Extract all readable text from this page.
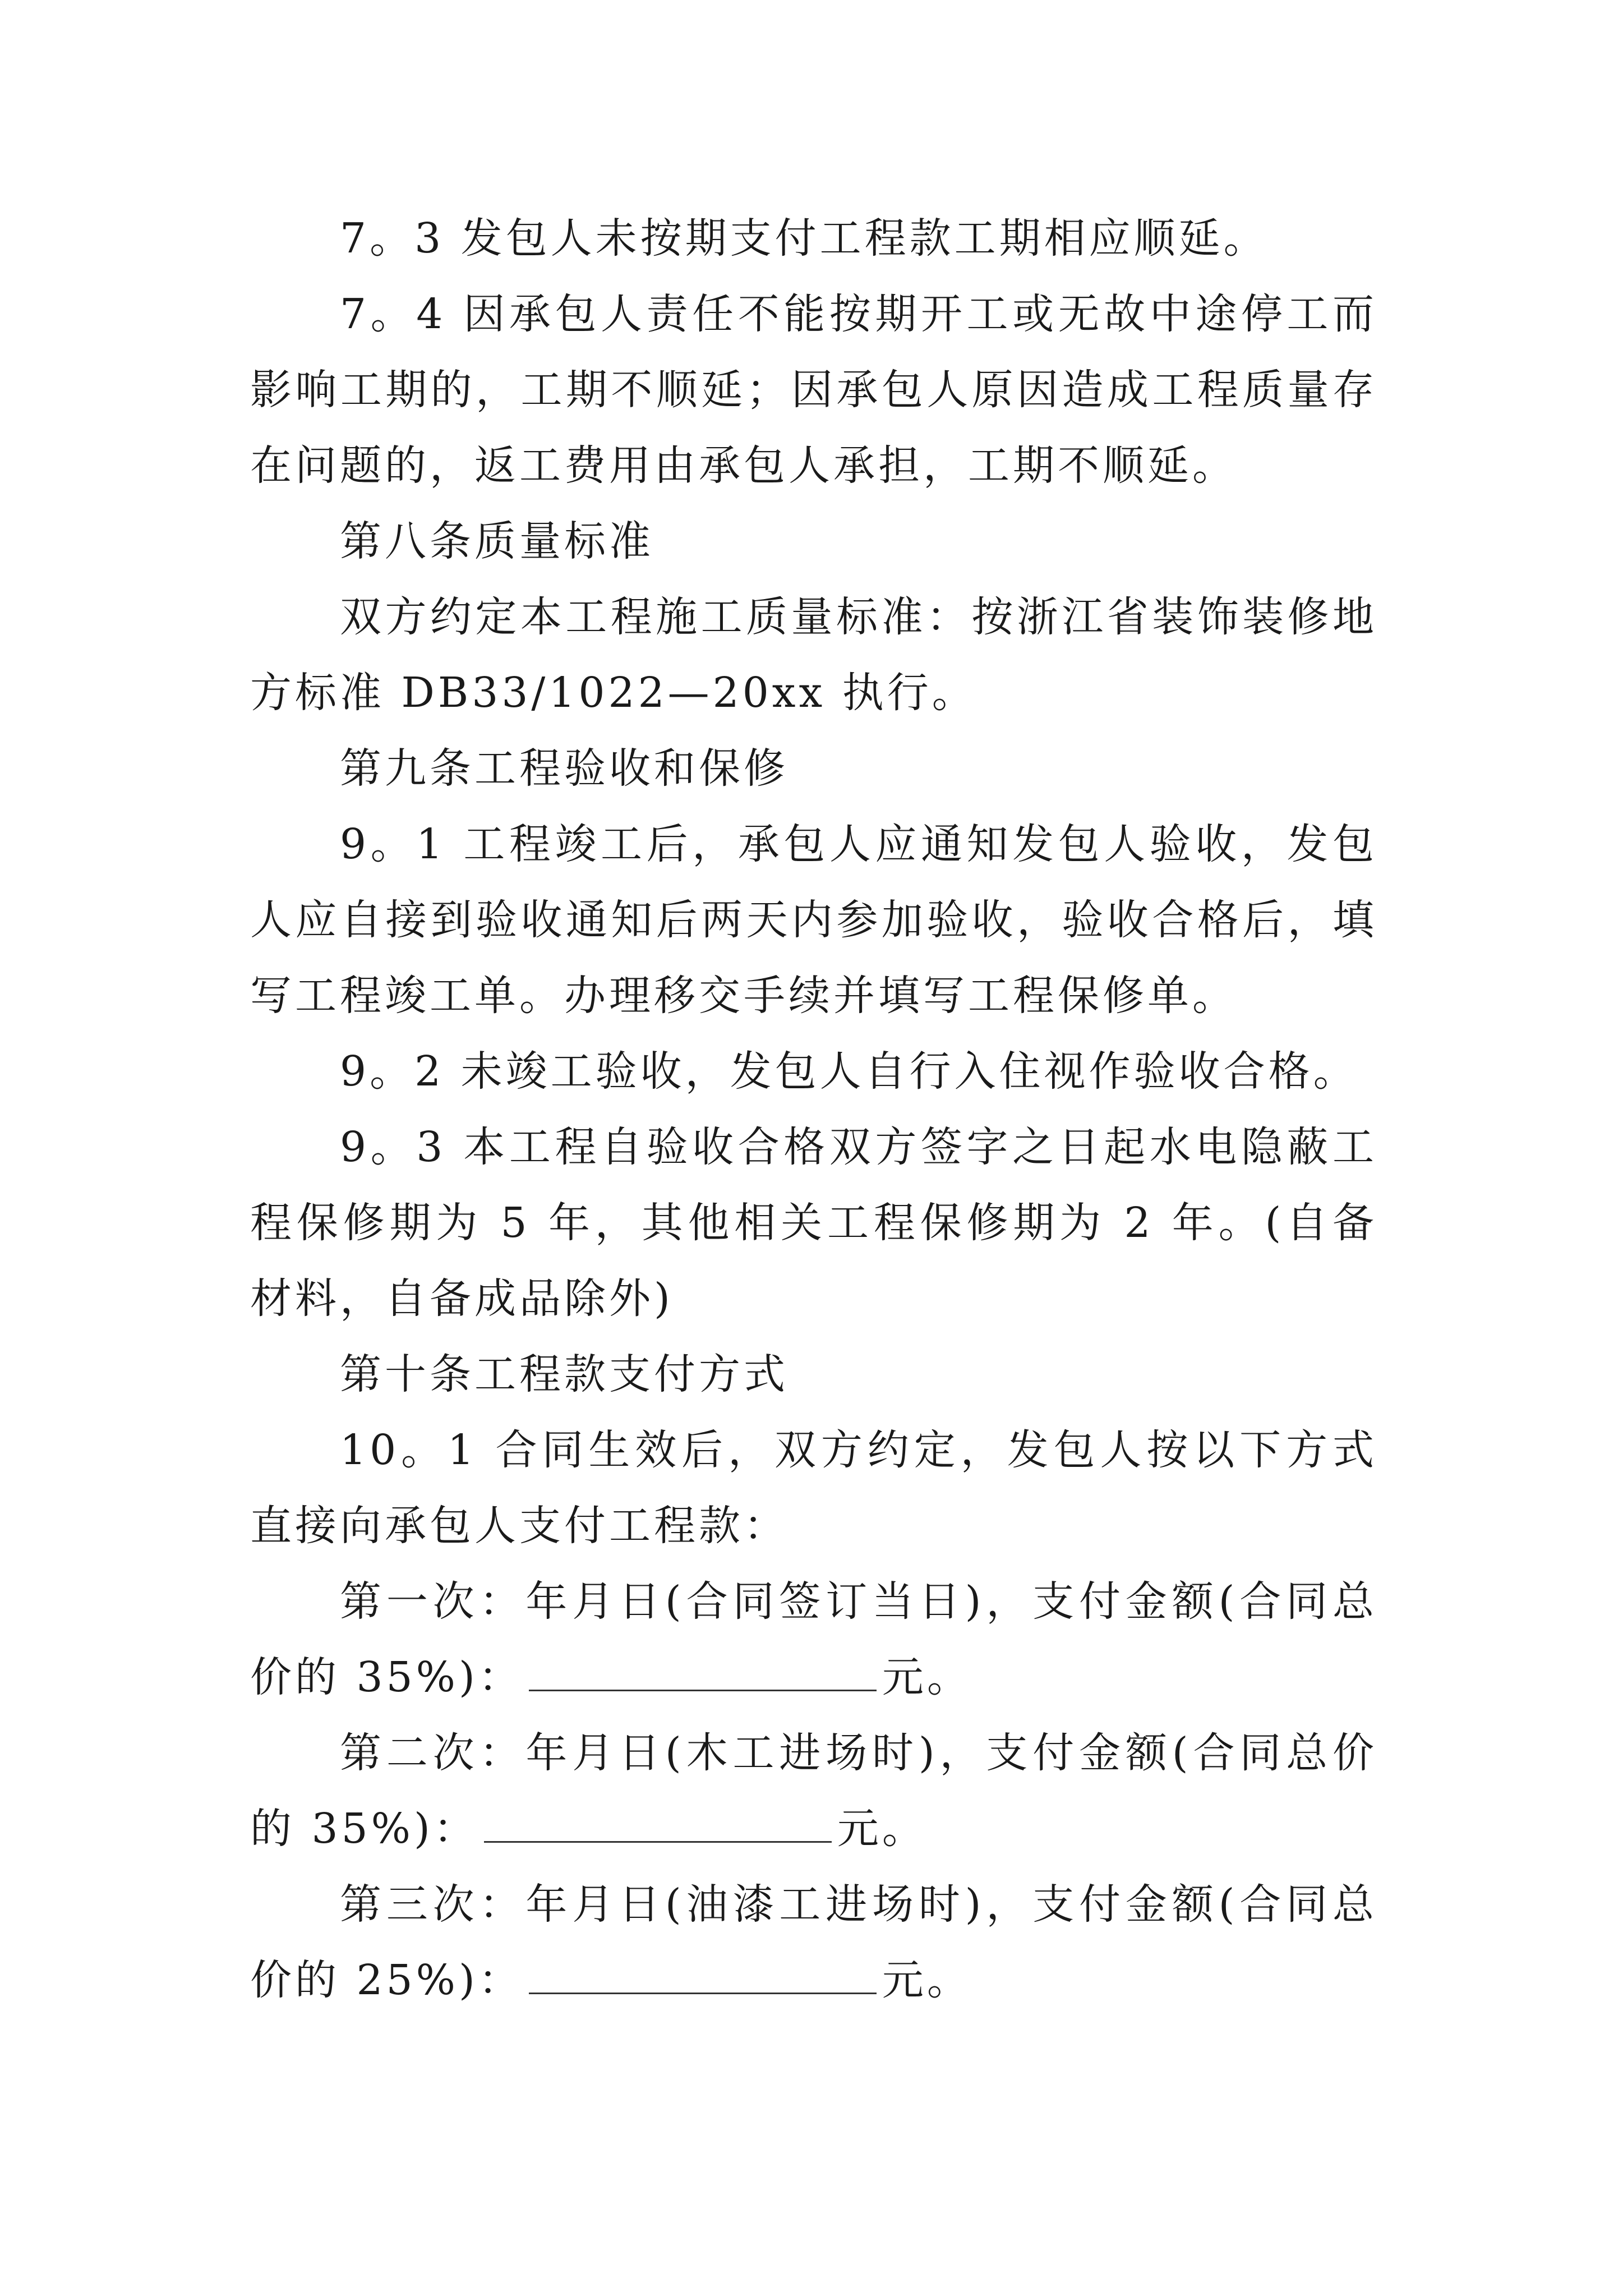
7。3 发包人未按期支付工程款工期相应顺延。

7。4 因承包人责任不能按期开工或无故中途停工而影响工期的，工期不顺延；因承包人原因造成工程质量存在问题的，返工费用由承包人承担，工期不顺延。

第八条质量标准

双方约定本工程施工质量标准：按浙江省装饰装修地方标准 DB33/1022—20xx 执行。

第九条工程验收和保修

9。1 工程竣工后，承包人应通知发包人验收，发包人应自接到验收通知后两天内参加验收，验收合格后，填写工程竣工单。办理移交手续并填写工程保修单。

9。2 未竣工验收，发包人自行入住视作验收合格。

9。3 本工程自验收合格双方签字之日起水电隐蔽工程保修期为 5 年，其他相关工程保修期为 2 年。(自备材料，自备成品除外)

第十条工程款支付方式

10。1 合同生效后，双方约定，发包人按以下方式直接向承包人支付工程款：

第一次：年月日(合同签订当日)，支付金额(合同总价的 35%)：	元。

第二次：年月日(木工进场时)，支付金额(合同总价的 35%)：	元。

第三次：年月日(油漆工进场时)，支付金额(合同总价的 25%)：	元。
